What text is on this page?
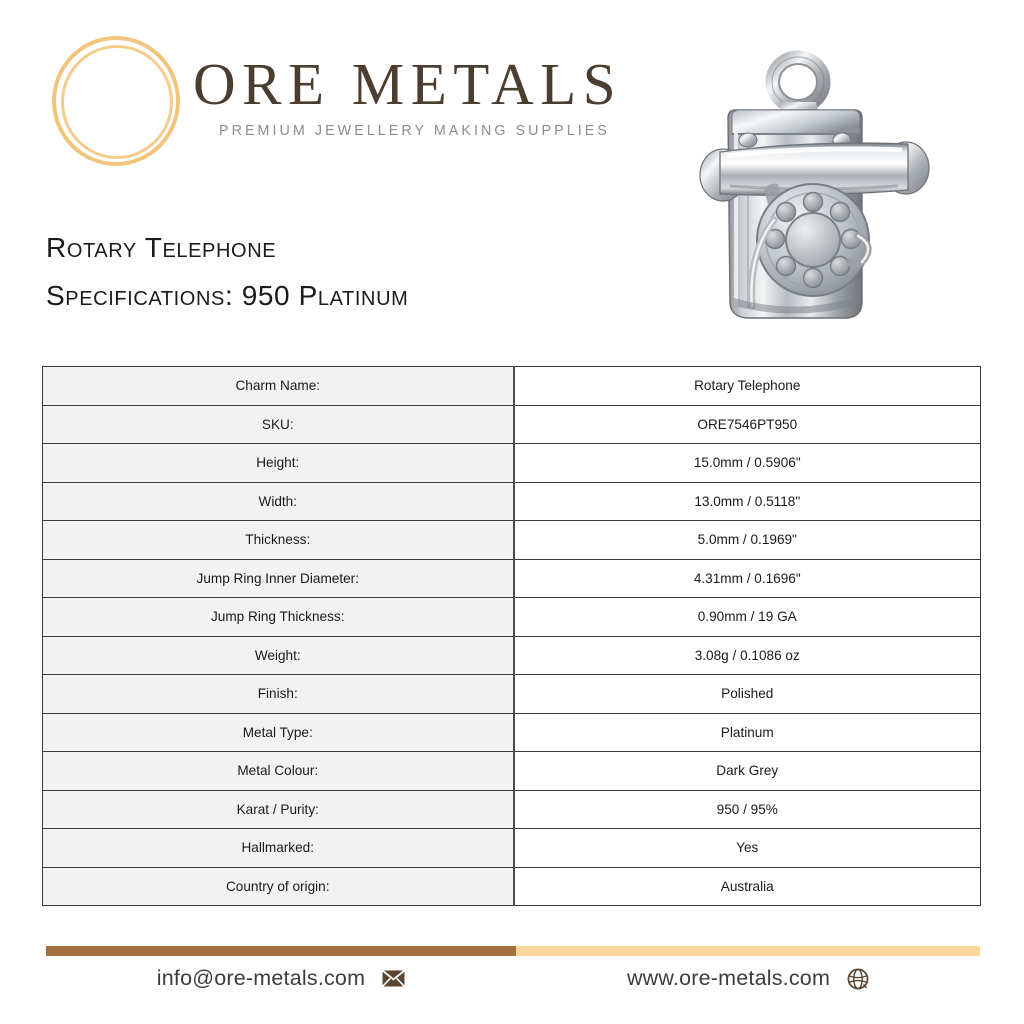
ORE METALS
PREMIUM JEWELLERY MAKING SUPPLIES
Rotary Telephone
Specifications: 950 Platinum
Charm Name:	Rotary Telephone
SKU:	ORE7546PT950
Height:	15.0mm / 0.5906"
Width:	13.0mm / 0.5118"
Thickness:	5.0mm / 0.1969"
Jump Ring Inner Diameter:	4.31mm / 0.1696"
Jump Ring Thickness:	0.90mm / 19 GA
Weight:	3.08g / 0.1086 oz
Finish:	Polished
Metal Type:	Platinum
Metal Colour:	Dark Grey
Karat / Purity:	950 / 95%
Hallmarked:	Yes
Country of origin:	Australia
info@ore-metals.com	www.ore-metals.com
